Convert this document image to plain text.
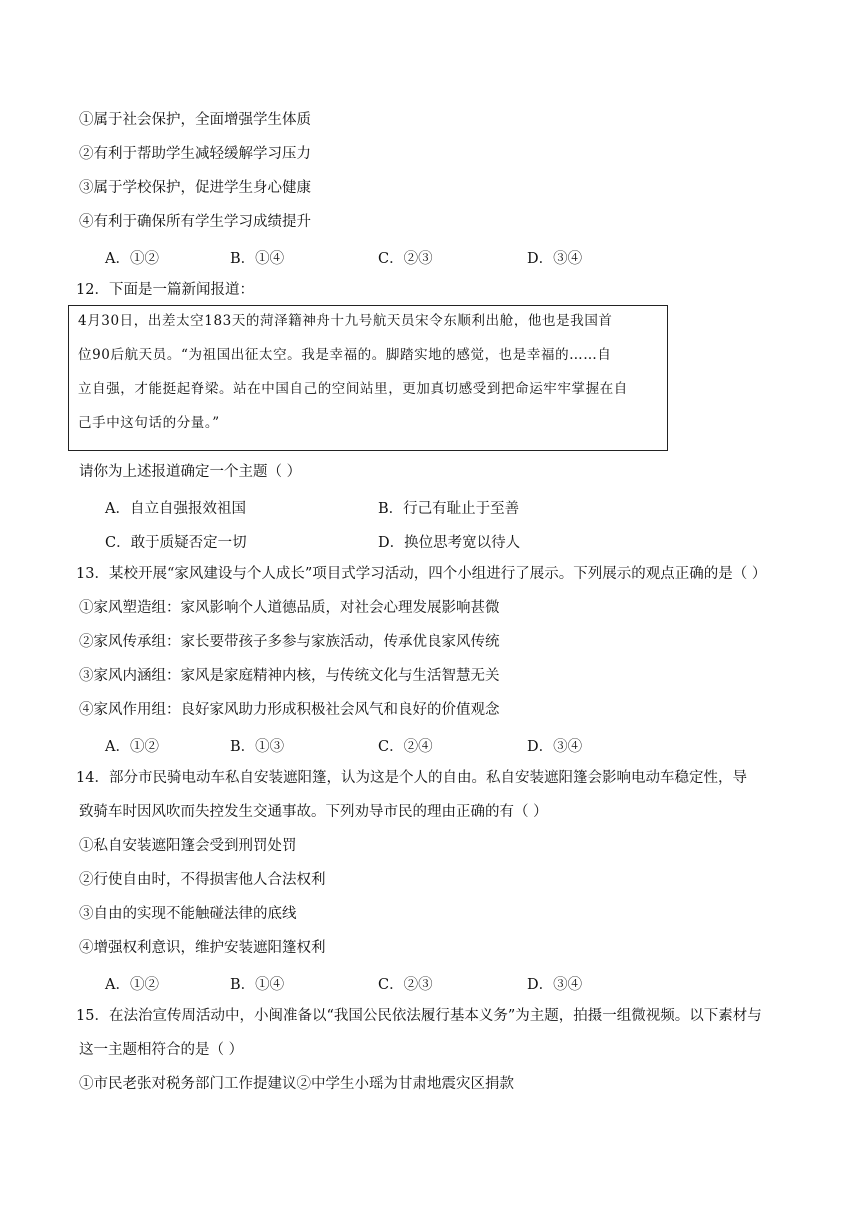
①属于社会保护，全面增强学生体质
②有利于帮助学生减轻缓解学习压力
③属于学校保护，促进学生身心健康
④有利于确保所有学生学习成绩提升
A．①②	B．①④	C．②③	D．③④
12．下面是一篇新闻报道：
4月30日，出差太空183天的菏泽籍神舟十九号航天员宋令东顺利出舱，他也是我国首
位90后航天员。“为祖国出征太空。我是幸福的。脚踏实地的感觉，也是幸福的……自
立自强，才能挺起脊梁。站在中国自己的空间站里，更加真切感受到把命运牢牢掌握在自
己手中这句话的分量。”
请你为上述报道确定一个主题（ ）
A．自立自强报效祖国	B．行己有耻止于至善
C．敢于质疑否定一切	D．换位思考宽以待人
13．某校开展“家风建设与个人成长”项目式学习活动，四个小组进行了展示。下列展示的观点正确的是（ ）
①家风塑造组：家风影响个人道德品质，对社会心理发展影响甚微
②家风传承组：家长要带孩子多参与家族活动，传承优良家风传统
③家风内涵组：家风是家庭精神内核，与传统文化与生活智慧无关
④家风作用组：良好家风助力形成积极社会风气和良好的价值观念
A．①②	B．①③	C．②④	D．③④
14．部分市民骑电动车私自安装遮阳篷，认为这是个人的自由。私自安装遮阳篷会影响电动车稳定性，导
致骑车时因风吹而失控发生交通事故。下列劝导市民的理由正确的有（ ）
①私自安装遮阳篷会受到刑罚处罚
②行使自由时，不得损害他人合法权利
③自由的实现不能触碰法律的底线
④增强权利意识，维护安装遮阳篷权利
A．①②	B．①④	C．②③	D．③④
15．在法治宣传周活动中，小闽准备以“我国公民依法履行基本义务”为主题，拍摄一组微视频。以下素材与
这一主题相符合的是（ ）
①市民老张对税务部门工作提建议②中学生小瑶为甘肃地震灾区捐款
